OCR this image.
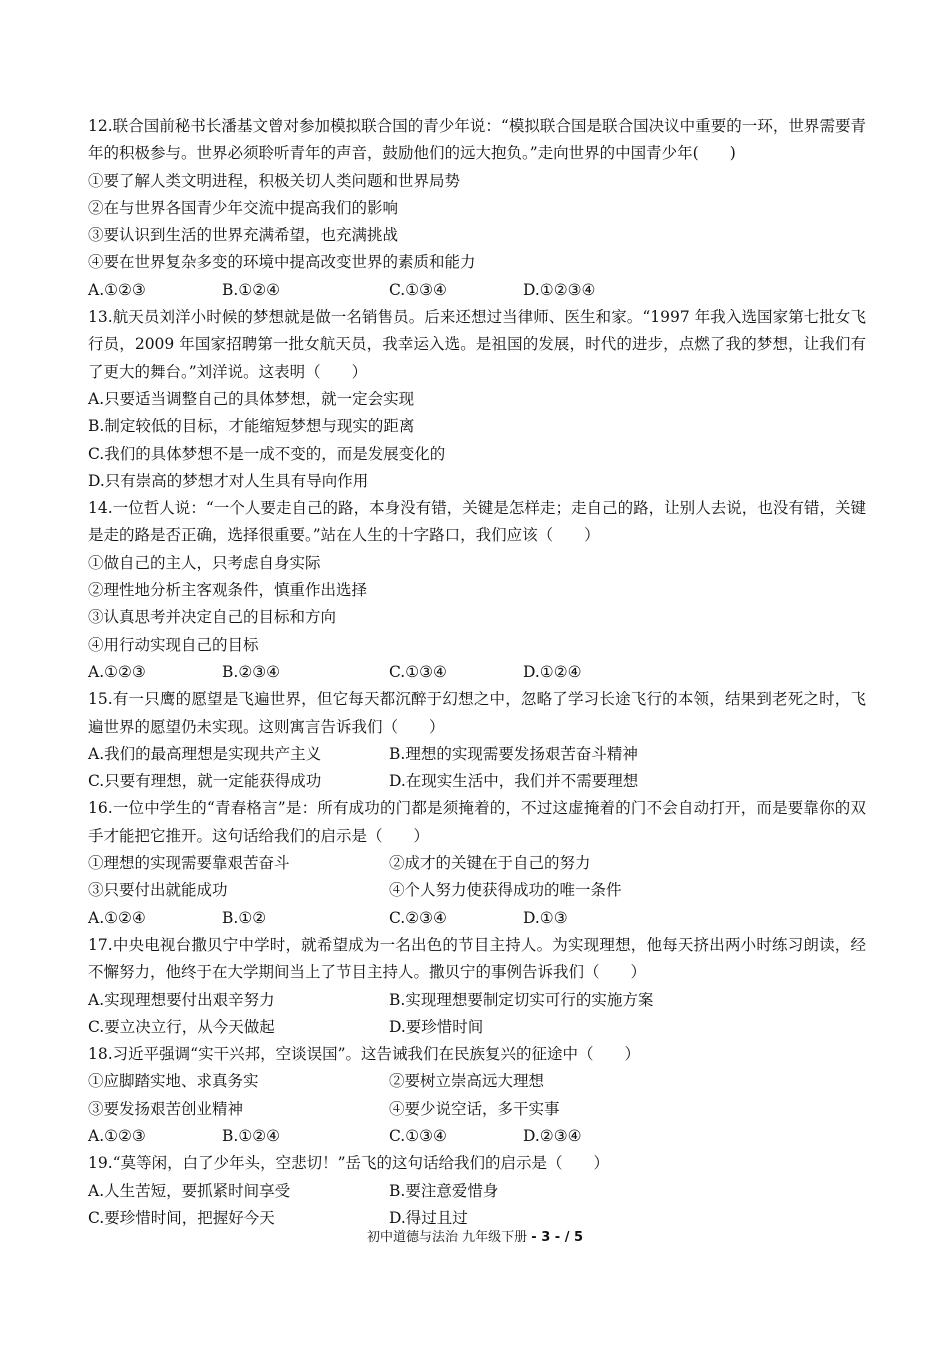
12.联合国前秘书长潘基文曾对参加模拟联合国的青少年说：“模拟联合国是联合国决议中重要的一环，世界需要青年的积极参与。世界必须聆听青年的声音，鼓励他们的远大抱负。”走向世界的中国青少年(　　)
①要了解人类文明进程，积极关切人类问题和世界局势
②在与世界各国青少年交流中提高我们的影响
③要认识到生活的世界充满希望，也充满挑战
④要在世界复杂多变的环境中提高改变世界的素质和能力
A.①②③	B.①②④	C.①③④	D.①②③④
13.航天员刘洋小时候的梦想就是做一名销售员。后来还想过当律师、医生和家。“1997 年我入选国家第七批女飞行员，2009 年国家招聘第一批女航天员，我幸运入选。是祖国的发展，时代的进步，点燃了我的梦想，让我们有了更大的舞台。”刘洋说。这表明（　　）
A.只要适当调整自己的具体梦想，就一定会实现
B.制定较低的目标，才能缩短梦想与现实的距离
C.我们的具体梦想不是一成不变的，而是发展变化的
D.只有崇高的梦想才对人生具有导向作用
14.一位哲人说：“一个人要走自己的路，本身没有错，关键是怎样走；走自己的路，让别人去说，也没有错，关键是走的路是否正确，选择很重要。”站在人生的十字路口，我们应该（　　）
①做自己的主人，只考虑自身实际
②理性地分析主客观条件，慎重作出选择
③认真思考并决定自己的目标和方向
④用行动实现自己的目标
A.①②③	B.②③④	C.①③④	D.①②④
15.有一只鹰的愿望是飞遍世界，但它每天都沉醉于幻想之中，忽略了学习长途飞行的本领，结果到老死之时，飞遍世界的愿望仍未实现。这则寓言告诉我们（　　）
A.我们的最高理想是实现共产主义	B.理想的实现需要发扬艰苦奋斗精神
C.只要有理想，就一定能获得成功	D.在现实生活中，我们并不需要理想
16.一位中学生的“青春格言”是：所有成功的门都是须掩着的，不过这虚掩着的门不会自动打开，而是要靠你的双手才能把它推开。这句话给我们的启示是（　　）
①理想的实现需要靠艰苦奋斗	②成才的关键在于自己的努力
③只要付出就能成功	④个人努力使获得成功的唯一条件
A.①②④	B.①②	C.②③④	D.①③
17.中央电视台撒贝宁中学时，就希望成为一名出色的节目主持人。为实现理想，他每天挤出两小时练习朗读，经不懈努力，他终于在大学期间当上了节目主持人。撒贝宁的事例告诉我们（　　）
A.实现理想要付出艰辛努力	B.实现理想要制定切实可行的实施方案
C.要立决立行，从今天做起	D.要珍惜时间
18.习近平强调“实干兴邦，空谈误国”。这告诫我们在民族复兴的征途中（　　）
①应脚踏实地、求真务实	②要树立崇高远大理想
③要发扬艰苦创业精神	④要少说空话，多干实事
A.①②③	B.①②④	C.①③④	D.②③④
19.“莫等闲，白了少年头，空悲切！”岳飞的这句话给我们的启示是（　　）
A.人生苦短，要抓紧时间享受	B.要注意爱惜身
C.要珍惜时间，把握好今天	D.得过且过
初中道德与法治 九年级下册 - 3 - / 5
